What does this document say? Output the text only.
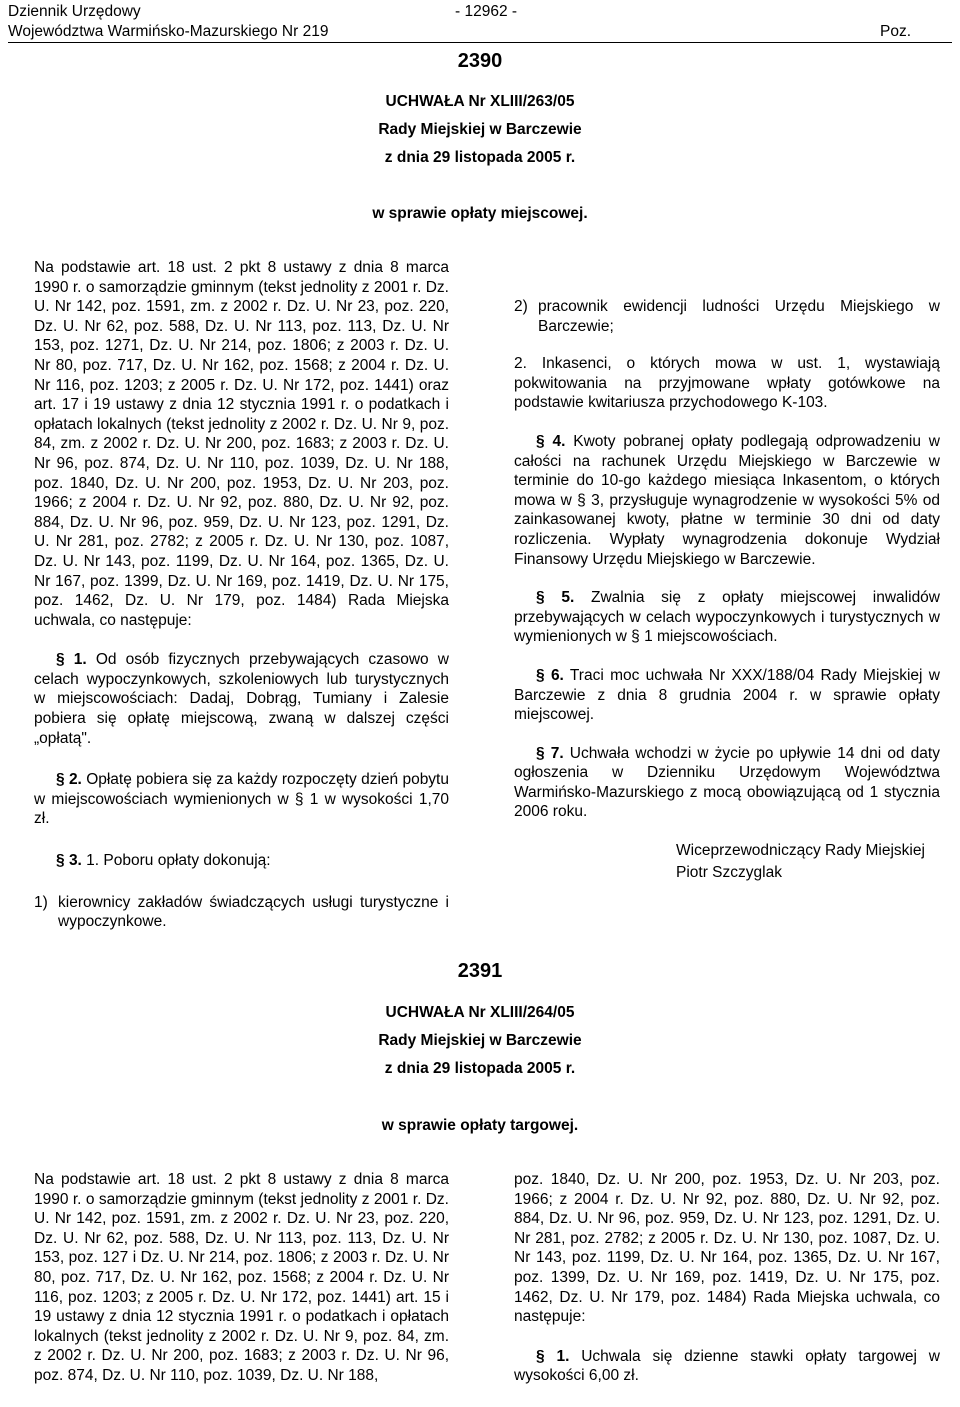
Dziennik Urzędowy
Województwa Warmińsko-Mazurskiego Nr 219
- 12962 -
Poz.
2390
UCHWAŁA Nr XLIII/263/05
Rady Miejskiej w Barczewie
z dnia 29 listopada 2005 r.
w sprawie opłaty miejscowej.

Na podstawie art. 18 ust. 2 pkt 8 ustawy z dnia 8 marca 1990 r. o samorządzie gminnym (tekst jednolity z 2001 r. Dz. U. Nr 142, poz. 1591, zm. z 2002 r. Dz. U. Nr 23, poz. 220, Dz. U. Nr 62, poz. 588, Dz. U. Nr 113, poz. 113, Dz. U. Nr 153, poz. 1271, Dz. U. Nr 214, poz. 1806; z 2003 r. Dz. U. Nr 80, poz. 717, Dz. U. Nr 162, poz. 1568; z 2004 r. Dz. U. Nr 116, poz. 1203; z 2005 r. Dz. U. Nr 172, poz. 1441) oraz art. 17 i 19 ustawy z dnia 12 stycznia 1991 r. o podatkach i opłatach lokalnych (tekst jednolity z 2002 r. Dz. U. Nr 9, poz. 84, zm. z 2002 r. Dz. U. Nr 200, poz. 1683; z 2003 r. Dz. U. Nr 96, poz. 874, Dz. U. Nr 110, poz. 1039, Dz. U. Nr 188, poz. 1840, Dz. U. Nr 200, poz. 1953, Dz. U. Nr 203, poz. 1966; z 2004 r. Dz. U. Nr 92, poz. 880, Dz. U. Nr 92, poz. 884, Dz. U. Nr 96, poz. 959, Dz. U. Nr 123, poz. 1291, Dz. U. Nr 281, poz. 2782; z 2005 r. Dz. U. Nr 130, poz. 1087, Dz. U. Nr 143, poz. 1199, Dz. U. Nr 164, poz. 1365, Dz. U. Nr 167, poz. 1399, Dz. U. Nr 169, poz. 1419, Dz. U. Nr 175, poz. 1462, Dz. U. Nr 179, poz. 1484) Rada Miejska uchwala, co następuje:

§ 1. Od osób fizycznych przebywających czasowo w celach wypoczynkowych, szkoleniowych lub turystycznych w miejscowościach: Dadaj, Dobrąg, Tumiany i Zalesie pobiera się opłatę miejscową, zwaną w dalszej części „opłatą".

§ 2. Opłatę pobiera się za każdy rozpoczęty dzień pobytu w miejscowościach wymienionych w § 1 w wysokości 1,70 zł.

§ 3. 1. Poboru opłaty dokonują:

1) kierownicy zakładów świadczących usługi turystyczne i wypoczynkowe.
2) pracownik ewidencji ludności Urzędu Miejskiego w Barczewie;

2. Inkasenci, o których mowa w ust. 1, wystawiają pokwitowania na przyjmowane wpłaty gotówkowe na podstawie kwitariusza przychodowego K-103.

§ 4. Kwoty pobranej opłaty podlegają odprowadzeniu w całości na rachunek Urzędu Miejskiego w Barczewie w terminie do 10-go każdego miesiąca Inkasentom, o których mowa w § 3, przysługuje wynagrodzenie w wysokości 5% od zainkasowanej kwoty, płatne w terminie 30 dni od daty rozliczenia. Wypłaty wynagrodzenia dokonuje Wydział Finansowy Urzędu Miejskiego w Barczewie.

§ 5. Zwalnia się z opłaty miejscowej inwalidów przebywających w celach wypoczynkowych i turystycznych w wymienionych w § 1 miejscowościach.

§ 6. Traci moc uchwała Nr XXX/188/04 Rady Miejskiej w Barczewie z dnia 8 grudnia 2004 r. w sprawie opłaty miejscowej.

§ 7. Uchwała wchodzi w życie po upływie 14 dni od daty ogłoszenia w Dzienniku Urzędowym Województwa Warmińsko-Mazurskiego z mocą obowiązującą od 1 stycznia 2006 roku.

Wiceprzewodniczący Rady Miejskiej
Piotr Szczyglak
2391
UCHWAŁA Nr XLIII/264/05
Rady Miejskiej w Barczewie
z dnia 29 listopada 2005 r.
w sprawie opłaty targowej.

Na podstawie art. 18 ust. 2 pkt 8 ustawy z dnia 8 marca 1990 r. o samorządzie gminnym (tekst jednolity z 2001 r. Dz. U. Nr 142, poz. 1591, zm. z 2002 r. Dz. U. Nr 23, poz. 220, Dz. U. Nr 62, poz. 588, Dz. U. Nr 113, poz. 113, Dz. U. Nr 153, poz. 127 i Dz. U. Nr 214, poz. 1806; z 2003 r. Dz. U. Nr 80, poz. 717, Dz. U. Nr 162, poz. 1568; z 2004 r. Dz. U. Nr 116, poz. 1203; z 2005 r. Dz. U. Nr 172, poz. 1441) art. 15 i 19 ustawy z dnia 12 stycznia 1991 r. o podatkach i opłatach lokalnych (tekst jednolity z 2002 r. Dz. U. Nr 9, poz. 84, zm. z 2002 r. Dz. U. Nr 200, poz. 1683; z 2003 r. Dz. U. Nr 96, poz. 874, Dz. U. Nr 110, poz. 1039, Dz. U. Nr 188,

poz. 1840, Dz. U. Nr 200, poz. 1953, Dz. U. Nr 203, poz. 1966; z 2004 r. Dz. U. Nr 92, poz. 880, Dz. U. Nr 92, poz. 884, Dz. U. Nr 96, poz. 959, Dz. U. Nr 123, poz. 1291, Dz. U. Nr 281, poz. 2782; z 2005 r. Dz. U. Nr 130, poz. 1087, Dz. U. Nr 143, poz. 1199, Dz. U. Nr 164, poz. 1365, Dz. U. Nr 167, poz. 1399, Dz. U. Nr 169, poz. 1419, Dz. U. Nr 175, poz. 1462, Dz. U. Nr 179, poz. 1484) Rada Miejska uchwala, co następuje:

§ 1. Uchwala się dzienne stawki opłaty targowej w wysokości 6,00 zł.
